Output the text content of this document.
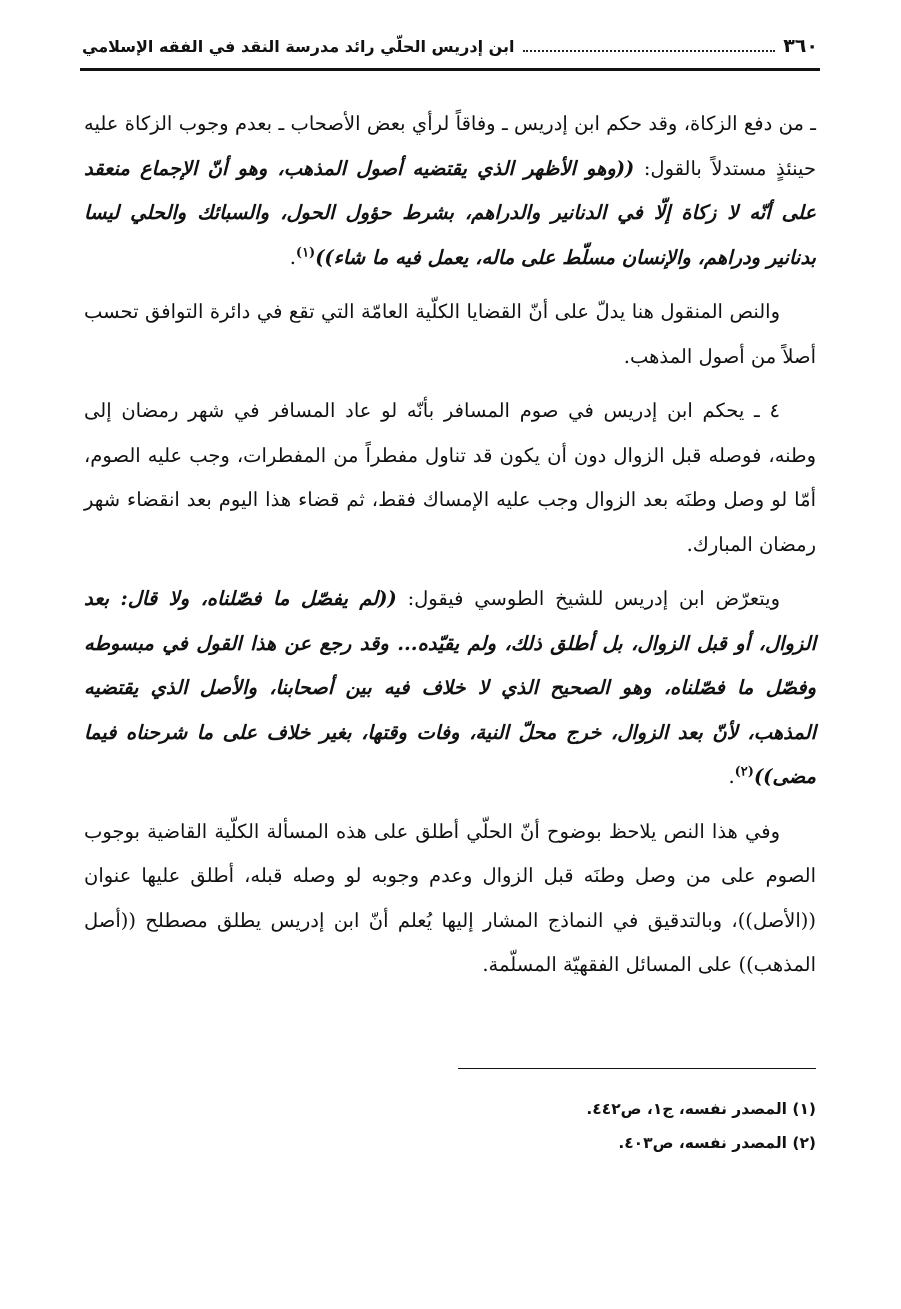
٣٦٠
ابن إدريس الحلّي رائد مدرسة النقد في الفقه الإسلامي

ـ من دفع الزكاة، وقد حكم ابن إدريس ـ وفاقاً لرأي بعض الأصحاب ـ بعدم وجوب الزكاة عليه حينئذٍ مستدلاً بالقول: ((وهو الأظهر الذي يقتضيه أصول المذهب، وهو أنّ الإجماع منعقد على أنّه لا زكاة إلّا في الدنانير والدراهم، بشرط حؤول الحول، والسبائك والحلي ليسا بدنانير ودراهم، والإنسان مسلّط على ماله، يعمل فيه ما شاء))$^{(١)}$.

والنص المنقول هنا يدلّ على أنّ القضايا الكلّية العامّة التي تقع في دائرة التوافق تحسب أصلاً من أصول المذهب.

٤ ـ يحكم ابن إدريس في صوم المسافر بأنّه لو عاد المسافر في شهر رمضان إلى وطنه، فوصله قبل الزوال دون أن يكون قد تناول مفطراً من المفطرات، وجب عليه الصوم، أمّا لو وصل وطنَه بعد الزوال وجب عليه الإمساك فقط، ثم قضاء هذا اليوم بعد انقضاء شهر رمضان المبارك.

ويتعرّض ابن إدريس للشيخ الطوسي فيقول: ((لم يفصّل ما فصّلناه، ولا قال: بعد الزوال، أو قبل الزوال، بل أطلق ذلك، ولم يقيّده... وقد رجع عن هذا القول في مبسوطه وفصّل ما فصّلناه، وهو الصحيح الذي لا خلاف فيه بين أصحابنا، والأصل الذي يقتضيه المذهب، لأنّ بعد الزوال، خرج محلّ النية، وفات وقتها، بغير خلاف على ما شرحناه فيما مضى))$^{(٢)}$.

وفي هذا النص يلاحظ بوضوح أنّ الحلّي أطلق على هذه المسألة الكلّية القاضية بوجوب الصوم على من وصل وطنَه قبل الزوال وعدم وجوبه لو وصله قبله، أطلق عليها عنوان ((الأصل))، وبالتدقيق في النماذج المشار إليها يُعلم أنّ ابن إدريس يطلق مصطلح ((أصل المذهب)) على المسائل الفقهيّة المسلّمة.

(١) المصدر نفسه، ج١، ص٤٤٢.
(٢) المصدر نفسه، ص٤٠٣.
